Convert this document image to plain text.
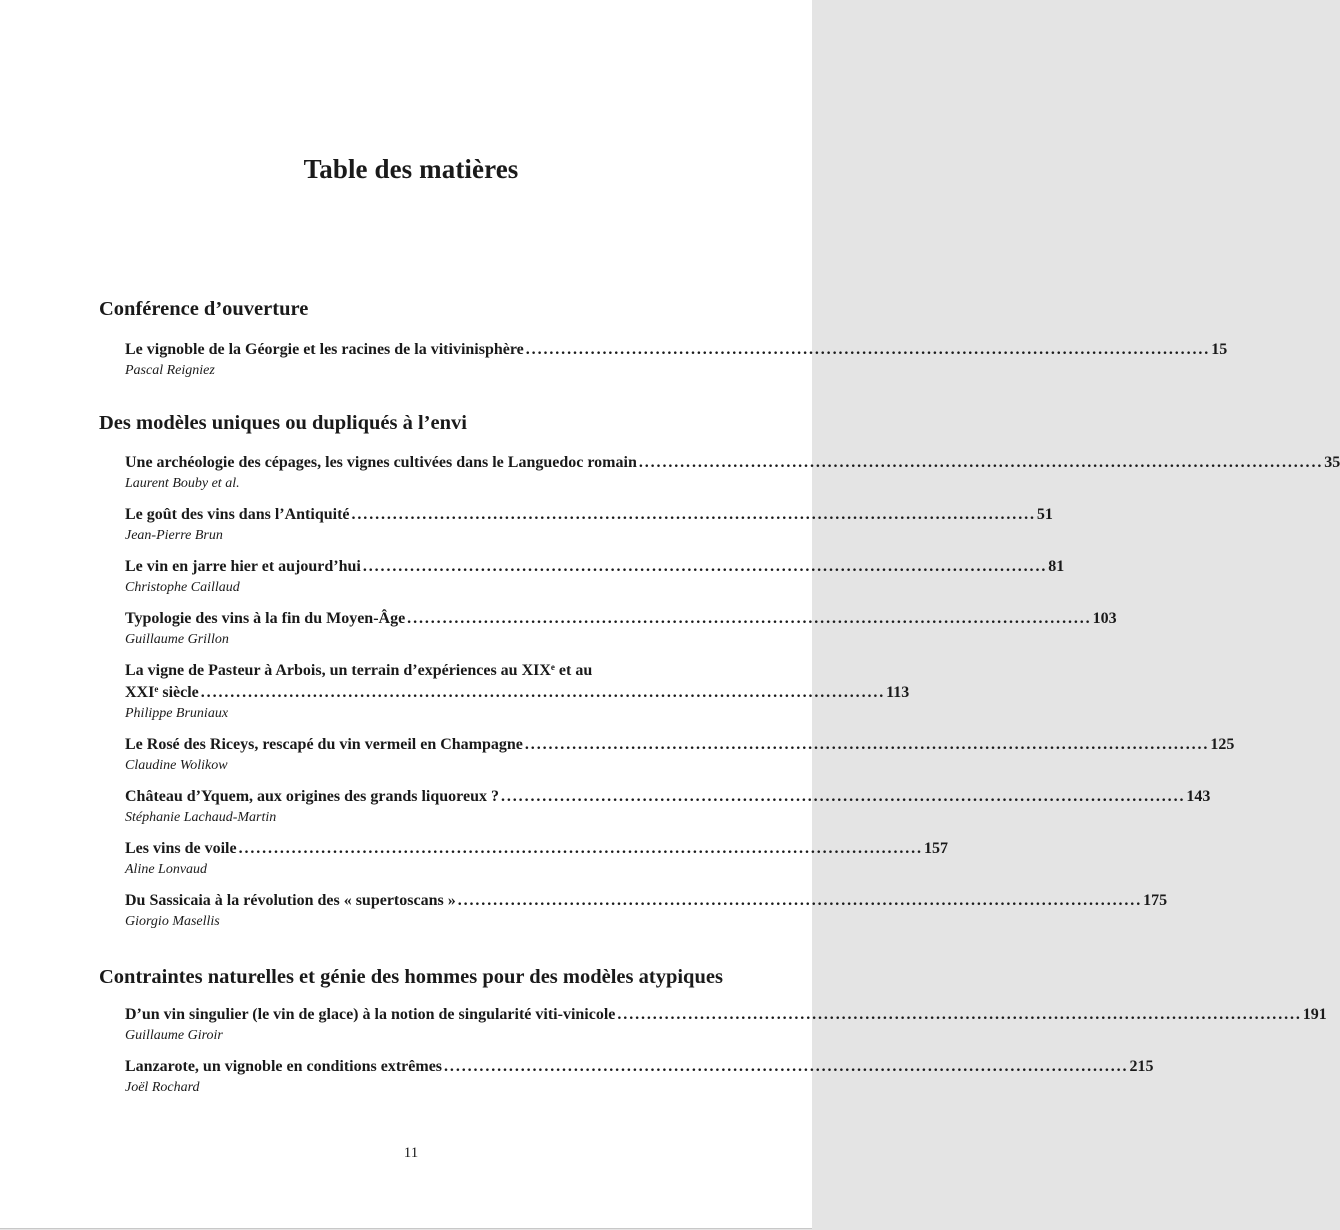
Table des matières
Conférence d’ouverture
Le vignoble de la Géorgie et les racines de la vitivinisphère .................................................................................................................... 15
Pascal Reigniez
Des modèles uniques ou dupliqués à l’envi
Une archéologie des cépages, les vignes cultivées dans le Languedoc romain .................................................................................................................... 35
Laurent Bouby et al.
Le goût des vins dans l’Antiquité .................................................................................................................... 51
Jean-Pierre Brun
Le vin en jarre hier et aujourd’hui .................................................................................................................... 81
Christophe Caillaud
Typologie des vins à la fin du Moyen-Âge .................................................................................................................... 103
Guillaume Grillon
La vigne de Pasteur à Arbois, un terrain d’expériences au XIXe et au
XXIe siècle .................................................................................................................... 113
Philippe Bruniaux
Le Rosé des Riceys, rescapé du vin vermeil en Champagne .................................................................................................................... 125
Claudine Wolikow
Château d’Yquem, aux origines des grands liquoreux ? .................................................................................................................... 143
Stéphanie Lachaud-Martin
Les vins de voile .................................................................................................................... 157
Aline Lonvaud
Du Sassicaia à la révolution des « supertoscans » .................................................................................................................... 175
Giorgio Masellis
Contraintes naturelles et génie des hommes pour des modèles atypiques
D’un vin singulier (le vin de glace) à la notion de singularité viti-vinicole .................................................................................................................... 191
Guillaume Giroir
Lanzarote, un vignoble en conditions extrêmes .................................................................................................................... 215
Joël Rochard
11
